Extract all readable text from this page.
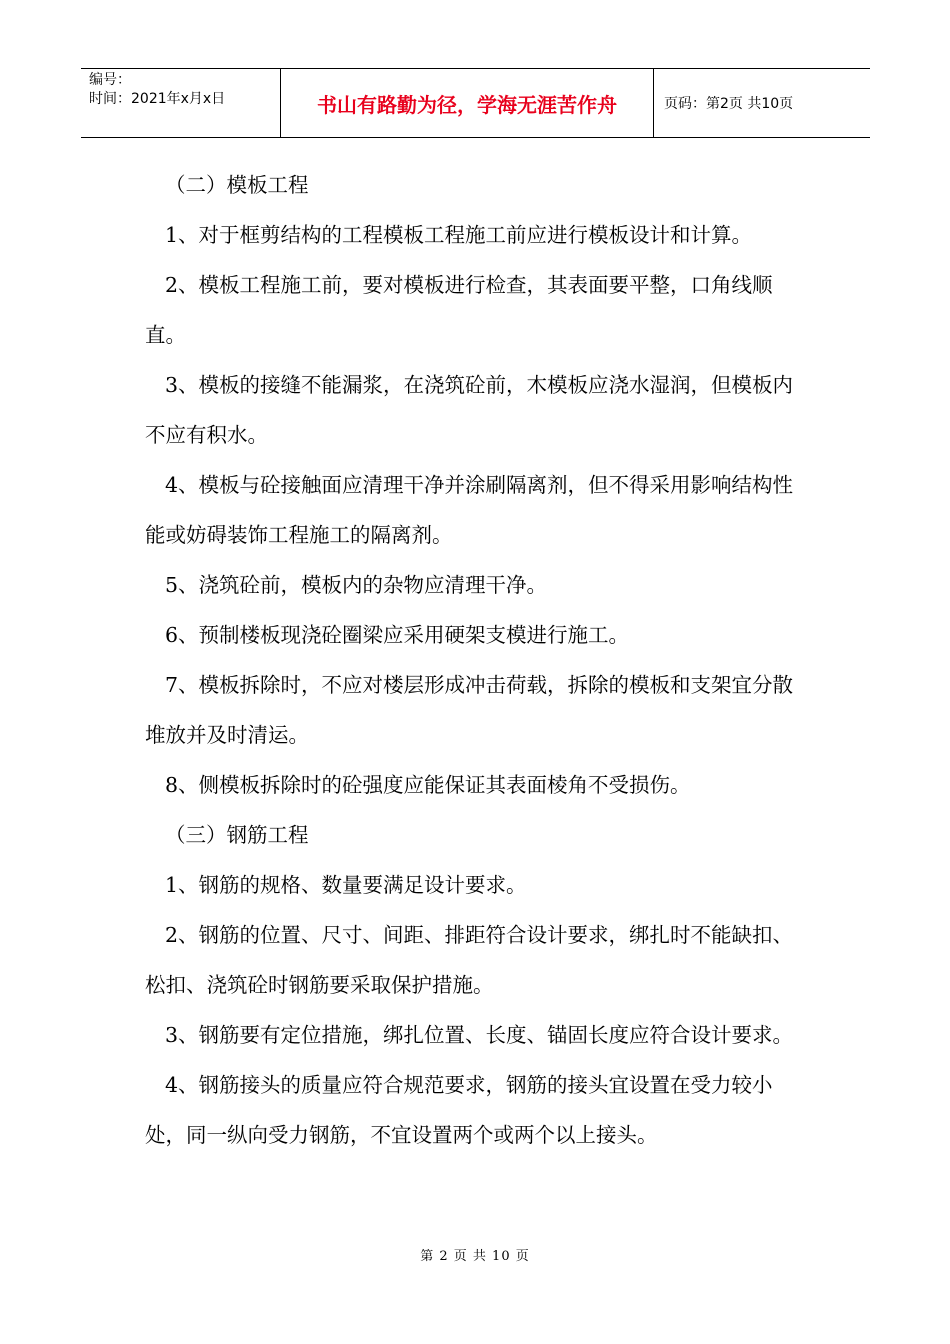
编号：
时间：2021年x月x日	书山有路勤为径，学海无涯苦作舟	页码：第2页 共10页

（二）模板工程

1、对于框剪结构的工程模板工程施工前应进行模板设计和计算。

2、模板工程施工前，要对模板进行检查，其表面要平整，口角线顺直。

3、模板的接缝不能漏浆，在浇筑砼前，木模板应浇水湿润，但模板内不应有积水。

4、模板与砼接触面应清理干净并涂刷隔离剂，但不得采用影响结构性能或妨碍装饰工程施工的隔离剂。

5、浇筑砼前，模板内的杂物应清理干净。

6、预制楼板现浇砼圈梁应采用硬架支模进行施工。

7、模板拆除时，不应对楼层形成冲击荷载，拆除的模板和支架宜分散堆放并及时清运。

8、侧模板拆除时的砼强度应能保证其表面棱角不受损伤。

（三）钢筋工程

1、钢筋的规格、数量要满足设计要求。

2、钢筋的位置、尺寸、间距、排距符合设计要求，绑扎时不能缺扣、松扣、浇筑砼时钢筋要采取保护措施。

3、钢筋要有定位措施，绑扎位置、长度、锚固长度应符合设计要求。

4、钢筋接头的质量应符合规范要求，钢筋的接头宜设置在受力较小处，同一纵向受力钢筋，不宜设置两个或两个以上接头。

第 2 页 共 10 页
